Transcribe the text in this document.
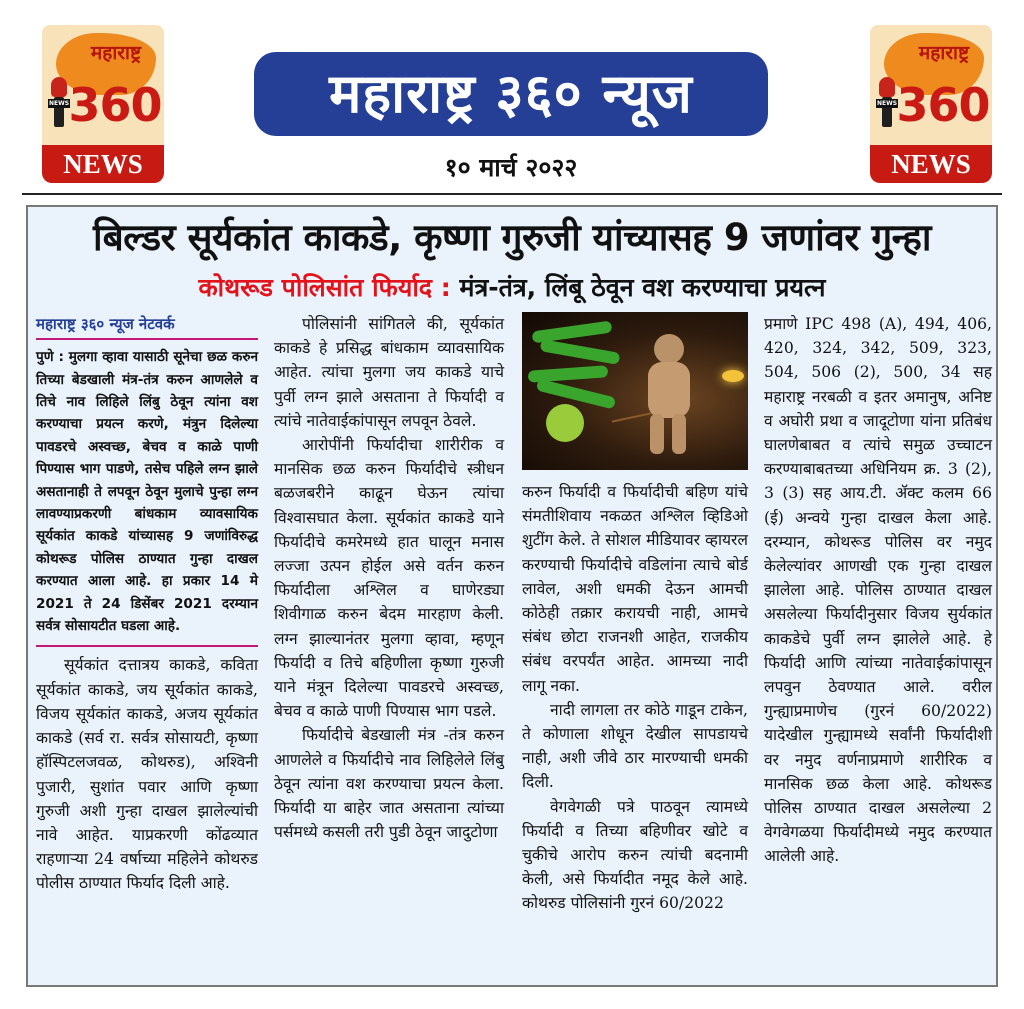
NEWS
महाराष्ट्र
360
NEWS
महाराष्ट्र ३६० न्यूज
१० मार्च २०२२
NEWS
महाराष्ट्र
360
NEWS
बिल्डर सूर्यकांत काकडे, कृष्णा गुरुजी यांच्यासह 9 जणांवर गुन्हा
कोथरूड पोलिसांत फिर्याद : मंत्र-तंत्र, लिंबू ठेवून वश करण्याचा प्रयत्न
महाराष्ट्र ३६० न्यूज नेटवर्क
पुणे : मुलगा व्हावा यासाठी सूनेचा छळ करुन तिच्या बेडखाली मंत्र-तंत्र करुन आणलेले व तिचे नाव लिहिले लिंबु ठेवून त्यांना वश करण्याचा प्रयत्न करणे, मंत्रुन दिलेल्या पावडरचे अस्वच्छ, बेचव व काळे पाणी पिण्यास भाग पाडणे, तसेच पहिले लग्न झाले असतानाही ते लपवून ठेवून मुलाचे पुन्हा लग्न लावण्याप्रकरणी बांधकाम व्यावसायिक सूर्यकांत काकडे यांच्यासह 9 जणांविरुद्ध कोथरूड पोलिस ठाण्यात गुन्हा दाखल करण्यात आला आहे. हा प्रकार 14 मे 2021 ते 24 डिसेंबर 2021 दरम्यान सर्वत्र सोसायटीत घडला आहे.

सूर्यकांत दत्तात्रय काकडे, कविता सूर्यकांत काकडे, जय सूर्यकांत काकडे, विजय सूर्यकांत काकडे, अजय सूर्यकांत काकडे (सर्व रा. सर्वत्र सोसायटी, कृष्णा हॉस्पिटलजवळ, कोथरुड), अश्विनी पुजारी, सुशांत पवार आणि कृष्णा गुरुजी अशी गुन्हा दाखल झालेल्यांची नावे आहेत. याप्रकरणी कोंढव्यात राहणाऱ्या 24 वर्षाच्या महिलेने कोथरुड पोलीस ठाण्यात फिर्याद दिली आहे.

पोलिसांनी सांगितले की, सूर्यकांत काकडे हे प्रसिद्ध बांधकाम व्यावसायिक आहेत. त्यांचा मुलगा जय काकडे याचे पुर्वी लग्न झाले असताना ते फिर्यादी व त्यांचे नातेवाईकांपासून लपवून ठेवले.

आरोपींनी फिर्यादीचा शारीरीक व मानसिक छळ करुन फिर्यादीचे स्त्रीधन बळजबरीने काढून घेऊन त्यांचा विश्‍वासघात केला. सूर्यकांत काकडे याने फिर्यादीचे कमरेमध्ये हात घालून मनास लज्जा उत्पन होईल असे वर्तन करुन फिर्यादीला अश्लिल व घाणेरड्या शिवीगाळ करुन बेदम मारहाण केली. लग्न झाल्यानंतर मुलगा व्हावा, म्हणून फिर्यादी व तिचे बहिणीला कृष्णा गुरुजी याने मंत्रून दिलेल्या पावडरचे अस्वच्छ, बेचव व काळे पाणी पिण्यास भाग पडले.

फिर्यादीचे बेडखाली मंत्र -तंत्र करुन आणलेले व फिर्यादीचे नाव लिहिलेले लिंबु ठेवून त्यांना वश करण्याचा प्रयत्न केला. फिर्यादी या बाहेर जात असताना त्यांच्या पर्समध्ये कसली तरी पुडी ठेवून जादुटोणा

करुन फिर्यादी व फिर्यादीची बहिण यांचे संमतीशिवाय नकळत अश्लिल व्हिडिओ शुटींग केले. ते सोशल मीडियावर व्हायरल करण्याची फिर्यादीचे वडिलांना त्याचे बोर्ड लावेल, अशी धमकी देऊन आमची कोठेही तक्रार करायची नाही, आमचे संबंध छोटा राजनशी आहेत, राजकीय संबंध वरपर्यंत आहेत. आमच्या नादी लागू नका.

नादी लागला तर कोठे गाडून टाकेन, ते कोणाला शोधून देखील सापडायचे नाही, अशी जीवे ठार मारण्याची धमकी दिली.

वेगवेगळी पत्रे पाठवून त्यामध्ये फिर्यादी व तिच्या बहिणीवर खोटे व चुकीचे आरोप करुन त्यांची बदनामी केली, असे फिर्यादीत नमूद केले आहे. कोथरुड पोलिसांनी गुरनं 60/2022

प्रमाणे IPC 498 (A), 494, 406, 420, 324, 342, 509, 323, 504, 506 (2), 500, 34 सह महाराष्ट्र नरबळी व इतर अमानुष, अनिष्ट व अघोरी प्रथा व जादूटोणा यांना प्रतिबंध घालणेबाबत व त्यांचे समुळ उच्चाटन करण्याबाबतच्या अधिनियम क्र. 3 (2), 3 (3) सह आय.टी. ॲक्ट कलम 66 (ई) अन्वये गुन्हा दाखल केला आहे. दरम्यान, कोथरूड पोलिस वर नमुद केलेल्यांवर आणखी एक गुन्हा दाखल झालेला आहे. पोलिस ठाण्यात दाखल असलेल्या फिर्यादीनुसार विजय सुर्यकांत काकडेचे पुर्वी लग्न झालेले आहे. हे फिर्यादी आणि त्यांच्या नातेवाईकांपासून लपवुन ठेवण्यात आले. वरील गुन्ह्याप्रमाणेच (गुरनं 60/2022) यादेखील गुन्ह्यामध्ये सर्वांनी फिर्यादीशी वर नमुद वर्णनाप्रमाणे शारीरिक व मानसिक छळ केला आहे. कोथरूड पोलिस ठाण्यात दाखल असलेल्या 2 वेगवेगळया फिर्यादीमध्ये नमुद करण्यात आलेली आहे.
